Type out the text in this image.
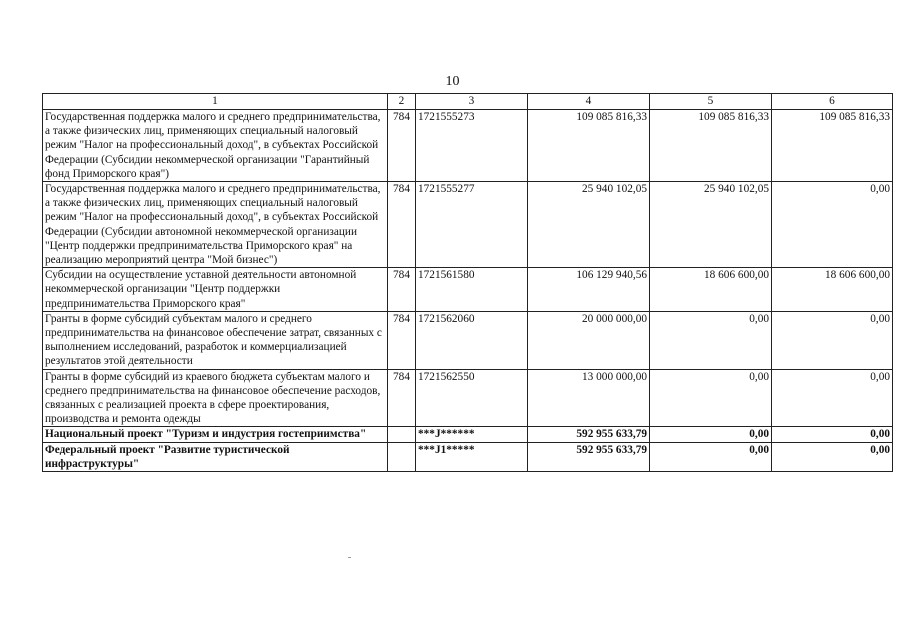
10
1	2	3	4	5	6
Государственная поддержка малого и среднего предпринимательства, а также физических лиц, применяющих специальный налоговый режим "Налог на профессиональный доход", в субъектах Российской Федерации (Субсидии некоммерческой организации "Гарантийный фонд Приморского края")	784	1721555273	109 085 816,33	109 085 816,33	109 085 816,33
Государственная поддержка малого и среднего предпринимательства, а также физических лиц, применяющих специальный налоговый режим "Налог на профессиональный доход", в субъектах Российской Федерации (Субсидии автономной некоммерческой организации "Центр поддержки предпринимательства Приморского края" на реализацию мероприятий центра "Мой бизнес")	784	1721555277	25 940 102,05	25 940 102,05	0,00
Субсидии на осуществление уставной деятельности автономной некоммерческой организации "Центр поддержки предпринимательства Приморского края"	784	1721561580	106 129 940,56	18 606 600,00	18 606 600,00
Гранты в форме субсидий субъектам малого и среднего предпринимательства на финансовое обеспечение затрат, связанных с выполнением исследований, разработок и коммерциализацией результатов этой деятельности	784	1721562060	20 000 000,00	0,00	0,00
Гранты в форме субсидий из краевого бюджета субъектам малого и среднего предпринимательства на финансовое обеспечение расходов, связанных с реализацией проекта в сфере проектирования, производства и ремонта одежды	784	1721562550	13 000 000,00	0,00	0,00
Национальный проект "Туризм и индустрия гостеприимства"		***J******	592 955 633,79	0,00	0,00
Федеральный проект "Развитие туристической инфраструктуры"		***J1*****	592 955 633,79	0,00	0,00
